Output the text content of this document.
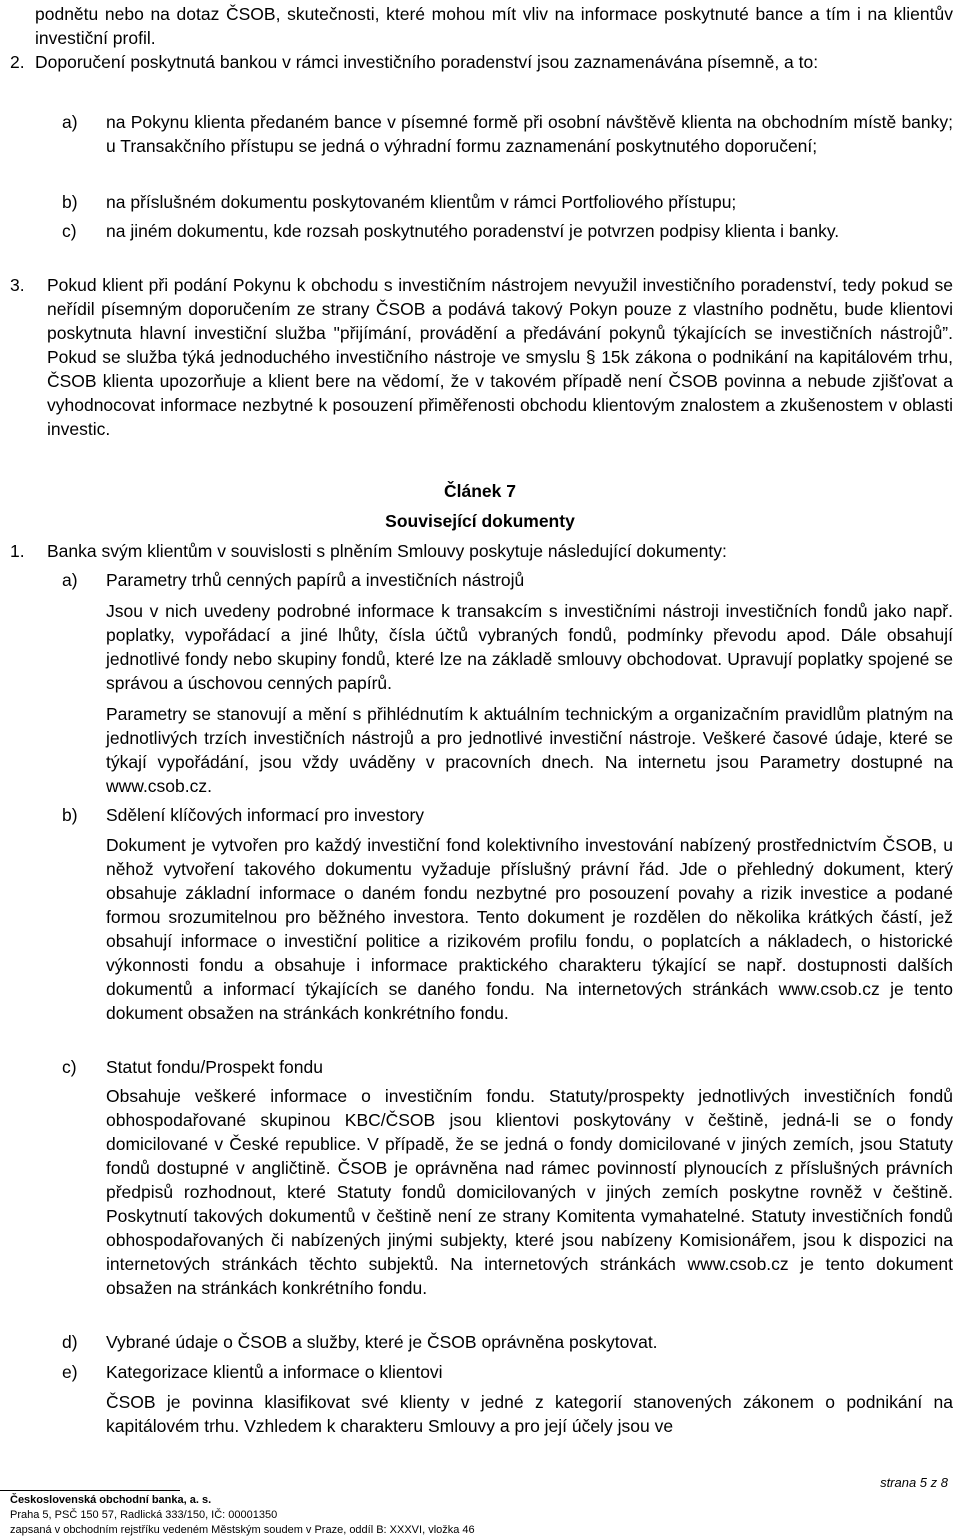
podnětu nebo na dotaz ČSOB, skutečnosti, které mohou mít vliv na informace poskytnuté bance a tím i na klientův investiční profil.

2. Doporučení poskytnutá bankou v rámci investičního poradenství jsou zaznamenávána písemně, a to:

a) na Pokynu klienta předaném bance v písemné formě při osobní návštěvě klienta na obchodním místě banky; u Transakčního přístupu se jedná o výhradní formu zaznamenání poskytnutého doporučení;

b) na příslušném dokumentu poskytovaném klientům v rámci Portfoliového přístupu;

c) na jiném dokumentu, kde rozsah poskytnutého poradenství je potvrzen podpisy klienta i banky.

3. Pokud klient při podání Pokynu k obchodu s investičním nástrojem nevyužil investičního poradenství, tedy pokud se neřídil písemným doporučením ze strany ČSOB a podává takový Pokyn pouze z vlastního podnětu, bude klientovi poskytnuta hlavní investiční služba "přijímání, provádění a předávání pokynů týkajících se investičních nástrojů”. Pokud se služba týká jednoduchého investičního nástroje ve smyslu § 15k zákona o podnikání na kapitálovém trhu, ČSOB klienta upozorňuje a klient bere na vědomí, že v takovém případě není ČSOB povinna a nebude zjišťovat a vyhodnocovat informace nezbytné k posouzení přiměřenosti obchodu klientovým znalostem a zkušenostem v oblasti investic.

Článek 7
Související dokumenty
1. Banka svým klientům v souvislosti s plněním Smlouvy poskytuje následující dokumenty:

a) Parametry trhů cenných papírů a investičních nástrojů

Jsou v nich uvedeny podrobné informace k transakcím s investičními nástroji investičních fondů jako např. poplatky, vypořádací a jiné lhůty, čísla účtů vybraných fondů, podmínky převodu apod. Dále obsahují jednotlivé fondy nebo skupiny fondů, které lze na základě smlouvy obchodovat. Upravují poplatky spojené se správou a úschovou cenných papírů.

Parametry se stanovují a mění s přihlédnutím k aktuálním technickým a organizačním pravidlům platným na jednotlivých trzích investičních nástrojů a pro jednotlivé investiční nástroje. Veškeré časové údaje, které se týkají vypořádání, jsou vždy uváděny v pracovních dnech. Na internetu jsou Parametry dostupné na www.csob.cz.

b) Sdělení klíčových informací pro investory

Dokument je vytvořen pro každý investiční fond kolektivního investování nabízený prostřednictvím ČSOB, u něhož vytvoření takového dokumentu vyžaduje příslušný právní řád. Jde o přehledný dokument, který obsahuje základní informace o daném fondu nezbytné pro posouzení povahy a rizik investice a podané formou srozumitelnou pro běžného investora. Tento dokument je rozdělen do několika krátkých částí, jež obsahují informace o investiční politice a rizikovém profilu fondu, o poplatcích a nákladech, o historické výkonnosti fondu a obsahuje i informace praktického charakteru týkající se např. dostupnosti dalších dokumentů a informací týkajících se daného fondu. Na internetových stránkách www.csob.cz je tento dokument obsažen na stránkách konkrétního fondu.

c) Statut fondu/Prospekt fondu

Obsahuje veškeré informace o investičním fondu. Statuty/prospekty jednotlivých investičních fondů obhospodařované skupinou KBC/ČSOB jsou klientovi poskytovány v češtině, jedná-li se o fondy domicilované v České republice. V případě, že se jedná o fondy domicilované v jiných zemích, jsou Statuty fondů dostupné v angličtině. ČSOB je oprávněna nad rámec povinností plynoucích z příslušných právních předpisů rozhodnout, které Statuty fondů domicilovaných v jiných zemích poskytne rovněž v češtině. Poskytnutí takových dokumentů v češtině není ze strany Komitenta vymahatelné. Statuty investičních fondů obhospodařovaných či nabízených jinými subjekty, které jsou nabízeny Komisionářem, jsou k dispozici na internetových stránkách těchto subjektů. Na internetových stránkách www.csob.cz je tento dokument obsažen na stránkách konkrétního fondu.

d) Vybrané údaje o ČSOB a služby, které je ČSOB oprávněna poskytovat.

e) Kategorizace klientů a informace o klientovi

ČSOB je povinna klasifikovat své klienty v jedné z kategorií stanovených zákonem o podnikání na kapitálovém trhu. Vzhledem k charakteru Smlouvy a pro její účely jsou ve

strana 5 z 8
Československá obchodní banka, a. s.
Praha 5, PSČ 150 57, Radlická 333/150, IČ: 00001350
zapsaná v obchodním rejstříku vedeném Městským soudem v Praze, oddíl B: XXXVI, vložka 46
